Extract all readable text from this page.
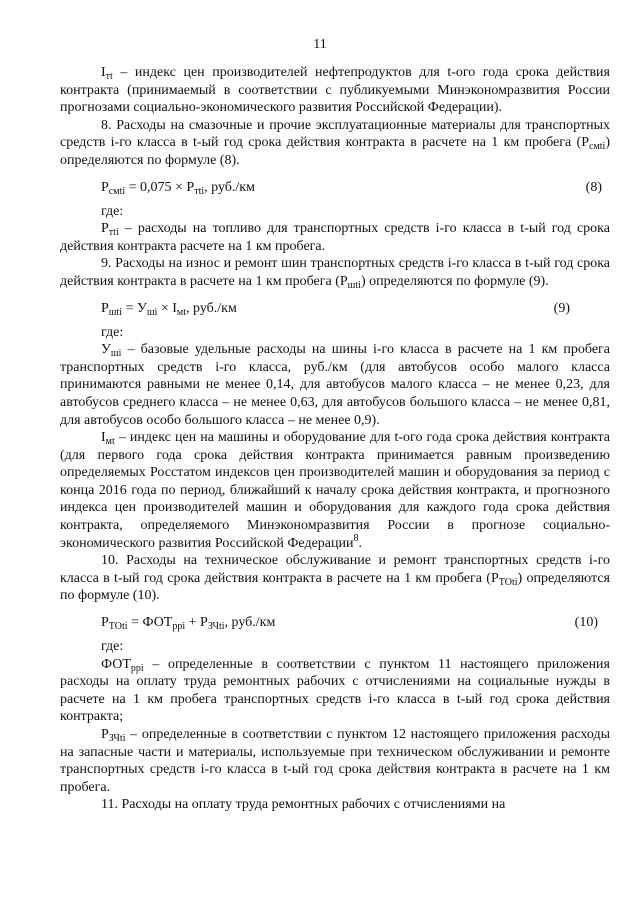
11

$I_{тt}$ – индекс цен производителей нефтепродуктов для t-ого года срока действия контракта (принимаемый в соответствии с публикуемыми Минэкономразвития России прогнозами социально-экономического развития Российской Федерации).

8. Расходы на смазочные и прочие эксплуатационные материалы для транспортных средств i-го класса в t-ый год срока действия контракта в расчете на 1 км пробега $(Р_{cмti})$ определяются по формуле (8).

$Р_{cмti} = 0,075 \times Р_{тti}$, руб./км	(8)
где:

$Р_{тti}$ – расходы на топливо для транспортных средств i-го класса в t-ый год срока действия контракта расчете на 1 км пробега.

9. Расходы на износ и ремонт шин транспортных средств i-го класса в t-ый год срока действия контракта в расчете на 1 км пробега $(Р_{шti})$ определяются по формуле (9).

$Р_{шti} = У_{шi} \times I_{мt}$, руб./км	(9)
где:

$У_{шi}$ – базовые удельные расходы на шины i-го класса в расчете на 1 км пробега транспортных средств i-го класса, руб./км (для автобусов особо малого класса принимаются равными не менее 0,14, для автобусов малого класса – не менее 0,23, для автобусов среднего класса – не менее 0,63, для автобусов большого класса – не менее 0,81, для автобусов особо большого класса – не менее 0,9).

$I_{мt}$ – индекс цен на машины и оборудование для t-ого года срока действия контракта (для первого года срока действия контракта принимается равным произведению определяемых Росстатом индексов цен производителей машин и оборудования за период с конца 2016 года по период, ближайший к началу срока действия контракта, и прогнозного индекса цен производителей машин и оборудования для каждого года срока действия контракта, определяемого Минэкономразвития России в прогнозе социально-экономического развития Российской Федерации$^8$.

10. Расходы на техническое обслуживание и ремонт транспортных средств i-го класса в t-ый год срока действия контракта в расчете на 1 км пробега $(Р_{ТОti})$ определяются по формуле (10).

$Р_{ТОti} = ФОТ_{ррi} + Р_{ЗЧti}$, руб./км	(10)
где:

$ФОТ_{ррi}$ – определенные в соответствии с пунктом 11 настоящего приложения расходы на оплату труда ремонтных рабочих с отчислениями на социальные нужды в расчете на 1 км пробега транспортных средств i-го класса в t-ый год срока действия контракта;

$Р_{ЗЧti}$ – определенные в соответствии с пунктом 12 настоящего приложения расходы на запасные части и материалы, используемые при техническом обслуживании и ремонте транспортных средств i-го класса в t-ый год срока действия контракта в расчете на 1 км пробега.

11. Расходы на оплату труда ремонтных рабочих с отчислениями на
